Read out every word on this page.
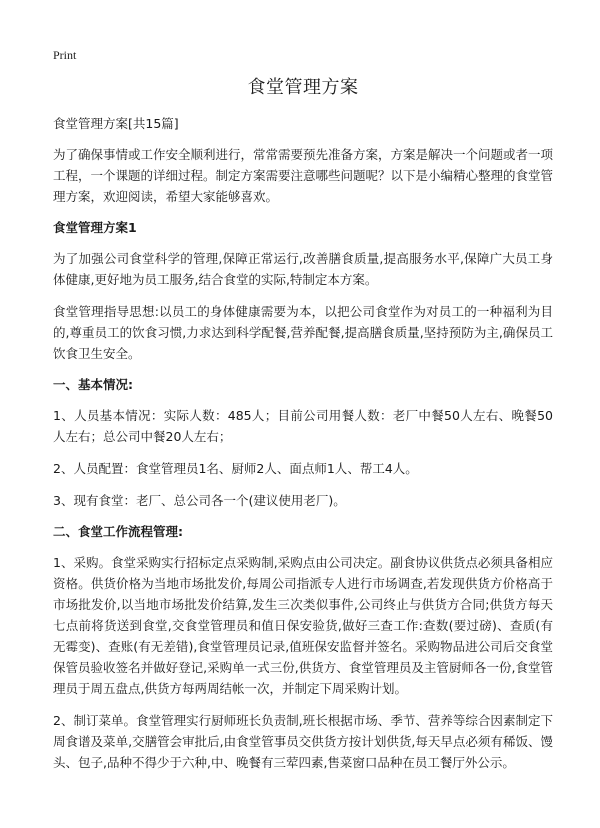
Print
食堂管理方案
食堂管理方案[共15篇]

为了确保事情或工作安全顺利进行，常常需要预先准备方案，方案是解决一个问题或者一项工程，一个课题的详细过程。制定方案需要注意哪些问题呢？以下是小编精心整理的食堂管理方案，欢迎阅读，希望大家能够喜欢。

食堂管理方案1

为了加强公司食堂科学的管理,保障正常运行,改善膳食质量,提高服务水平,保障广大员工身体健康,更好地为员工服务,结合食堂的实际,特制定本方案。

食堂管理指导思想:以员工的身体健康需要为本，以把公司食堂作为对员工的一种福利为目的,尊重员工的饮食习惯,力求达到科学配餐,营养配餐,提高膳食质量,坚持预防为主,确保员工饮食卫生安全。

一、基本情况:

1、人员基本情况：实际人数：485人；目前公司用餐人数：老厂中餐50人左右、晚餐50人左右；总公司中餐20人左右；

2、人员配置：食堂管理员1名、厨师2人、面点师1人、帮工4人。

3、现有食堂：老厂、总公司各一个(建议使用老厂)。

二、食堂工作流程管理:

1、采购。食堂采购实行招标定点采购制,采购点由公司决定。副食协议供货点必须具备相应资格。供货价格为当地市场批发价,每周公司指派专人进行市场调查,若发现供货方价格高于市场批发价,以当地市场批发价结算,发生三次类似事件,公司终止与供货方合同;供货方每天七点前将货送到食堂,交食堂管理员和值日保安验货,做好三查工作:查数(要过磅)、查质(有无霉变)、查账(有无差错),食堂管理员记录,值班保安监督并签名。采购物品进公司后交食堂保管员验收签名并做好登记,采购单一式三份,供货方、食堂管理员及主管厨师各一份,食堂管理员于周五盘点,供货方每两周结帐一次，并制定下周采购计划。

2、制订菜单。食堂管理实行厨师班长负责制,班长根据市场、季节、营养等综合因素制定下周食谱及菜单,交膳管会审批后,由食堂管事员交供货方按计划供货,每天早点必须有稀饭、馒头、包子,品种不得少于六种,中、晚餐有三荤四素,售菜窗口品种在员工餐厅外公示。
